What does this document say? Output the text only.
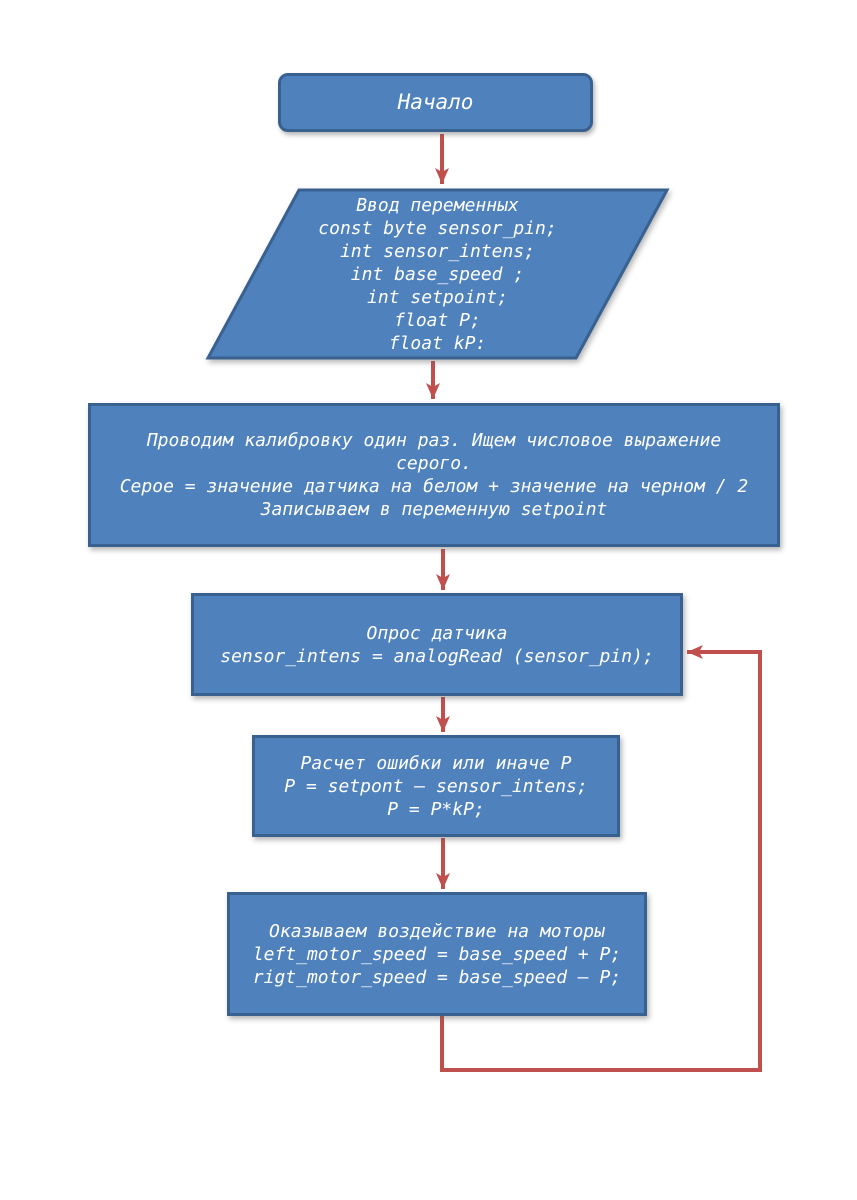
Начало
Ввод переменных
const byte sensor_pin;
int sensor_intens;
int base_speed ;
int setpoint;
float P;
float kP:
Проводим калибровку один раз. Ищем числовое выражение
серого.
Серое = значение датчика на белом + значение на черном / 2
Записываем в переменную setpoint
Опрос датчика
sensor_intens = analogRead (sensor_pin);
Расчет ошибки или иначе P
P = setpont – sensor_intens;
P = P*kP;
Оказываем воздействие на моторы
left_motor_speed = base_speed + P;
rigt_motor_speed = base_speed – P;
